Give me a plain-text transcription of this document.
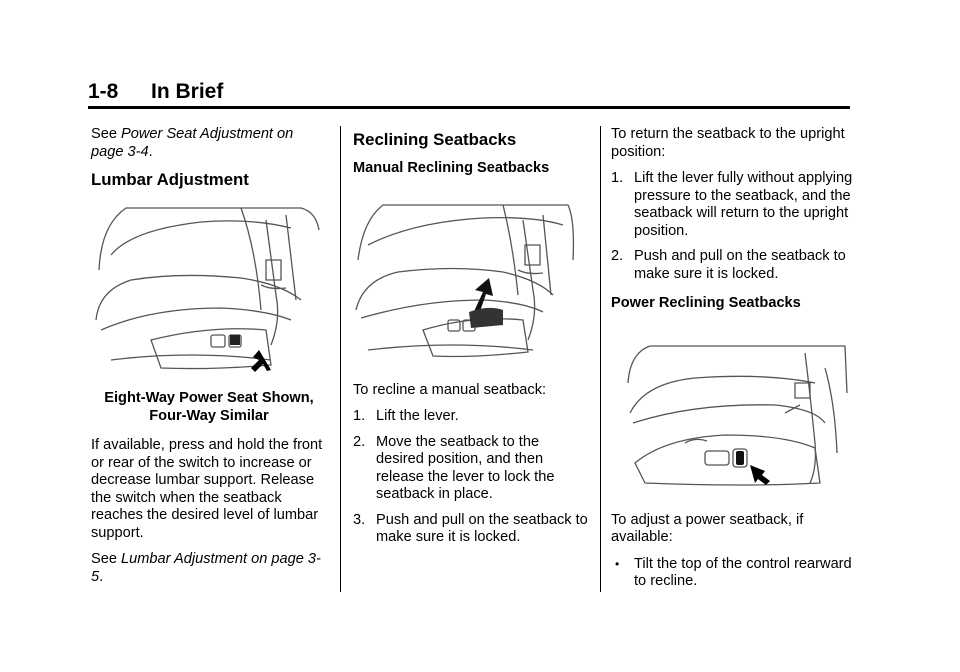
1-8 In Brief

See Power Seat Adjustment on page 3-4.

Lumbar Adjustment
Eight-Way Power Seat Shown,
Four-Way Similar

If available, press and hold the front or rear of the switch to increase or decrease lumbar support. Release the switch when the seatback reaches the desired level of lumbar support.

See Lumbar Adjustment on page 3-5.

Reclining Seatbacks
Manual Reclining Seatbacks

To recline a manual seatback:

1. Lift the lever.
2. Move the seatback to the desired position, and then release the lever to lock the seatback in place.
3. Push and pull on the seatback to make sure it is locked.

To return the seatback to the upright position:

1. Lift the lever fully without applying pressure to the seatback, and the seatback will return to the upright position.
2. Push and pull on the seatback to make sure it is locked.
Power Reclining Seatbacks

To adjust a power seatback, if available:

• Tilt the top of the control rearward to recline.
